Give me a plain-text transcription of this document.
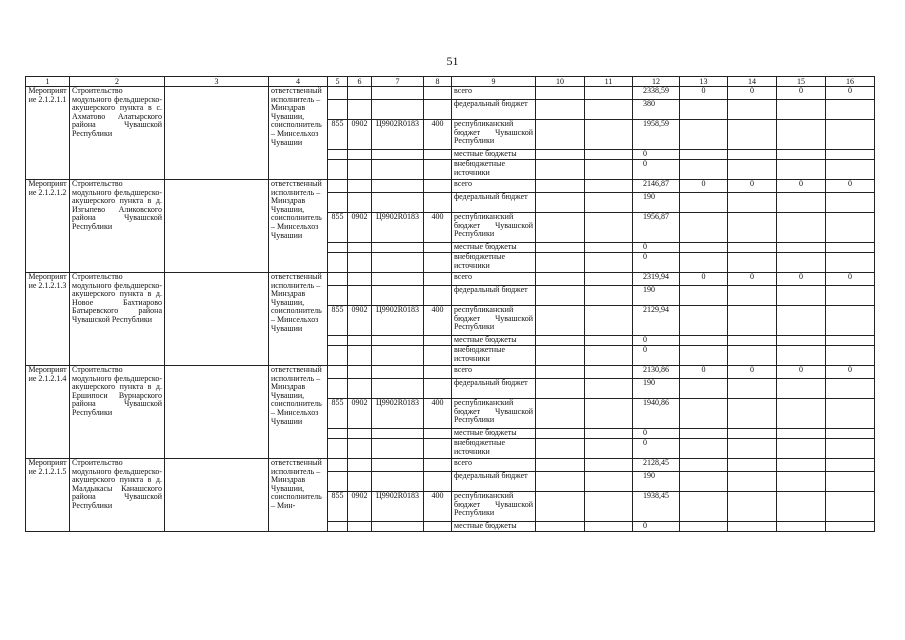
51
1	2	3	4	5	6	7	8	9	10	11	12	13	14	15	16
Мероприятие 2.1.2.1.1	Строительство модульного фельдшерско-акушерского пункта в с. Ахматово Алатырского района Чувашской Республики		ответственный исполнитель – Минздрав Чувашии, соисполнитель – Минсельхоз Чувашии					всего			2338,59	0	0	0	0
								федеральный бюджет			380				
				855	0902	Ц9902R0183	400	республиканский бюджет Чувашской Республики			1958,59				
								местные бюджеты			0				
								внебюджетные источники			0				
Мероприятие 2.1.2.1.2	Строительство модульного фельдшерско-акушерского пункта в д. Изгыпево Аликовского района Чувашской Республики		ответственный исполнитель – Минздрав Чувашии, соисполнитель – Минсельхоз Чувашии					всего			2146,87	0	0	0	0
								федеральный бюджет			190				
				855	0902	Ц9902R0183	400	республиканский бюджет Чувашской Республики			1956,87				
								местные бюджеты			0				
								внебюджетные источники			0				
Мероприятие 2.1.2.1.3	Строительство модульного фельдшерско-акушерского пункта в д. Новое Бахтиарово Батыревского района Чувашской Республики		ответственный исполнитель – Минздрав Чувашии, соисполнитель – Минсельхоз Чувашии					всего			2319,94	0	0	0	0
								федеральный бюджет			190				
				855	0902	Ц9902R0183	400	республиканский бюджет Чувашской Республики			2129,94				
								местные бюджеты			0				
								внебюджетные источники			0				
Мероприятие 2.1.2.1.4	Строительство модульного фельдшерско-акушерского пункта в д. Ершипоси Вурнарского района Чувашской Республики		ответственный исполнитель – Минздрав Чувашии, соисполнитель – Минсельхоз Чувашии					всего			2130,86	0	0	0	0
								федеральный бюджет			190				
				855	0902	Ц9902R0183	400	республиканский бюджет Чувашской Республики			1940,86				
								местные бюджеты			0				
								внебюджетные источники			0				
Мероприятие 2.1.2.1.5	Строительство модульного фельдшерско-акушерского пункта в д. Малдыкасы Канашского района Чувашской Республики		ответственный исполнитель – Минздрав Чувашии, соисполнитель – Мин-					всего			2128,45				
								федеральный бюджет			190				
				855	0902	Ц9902R0183	400	республиканский бюджет Чувашской Республики			1938,45				
								местные бюджеты			0				
